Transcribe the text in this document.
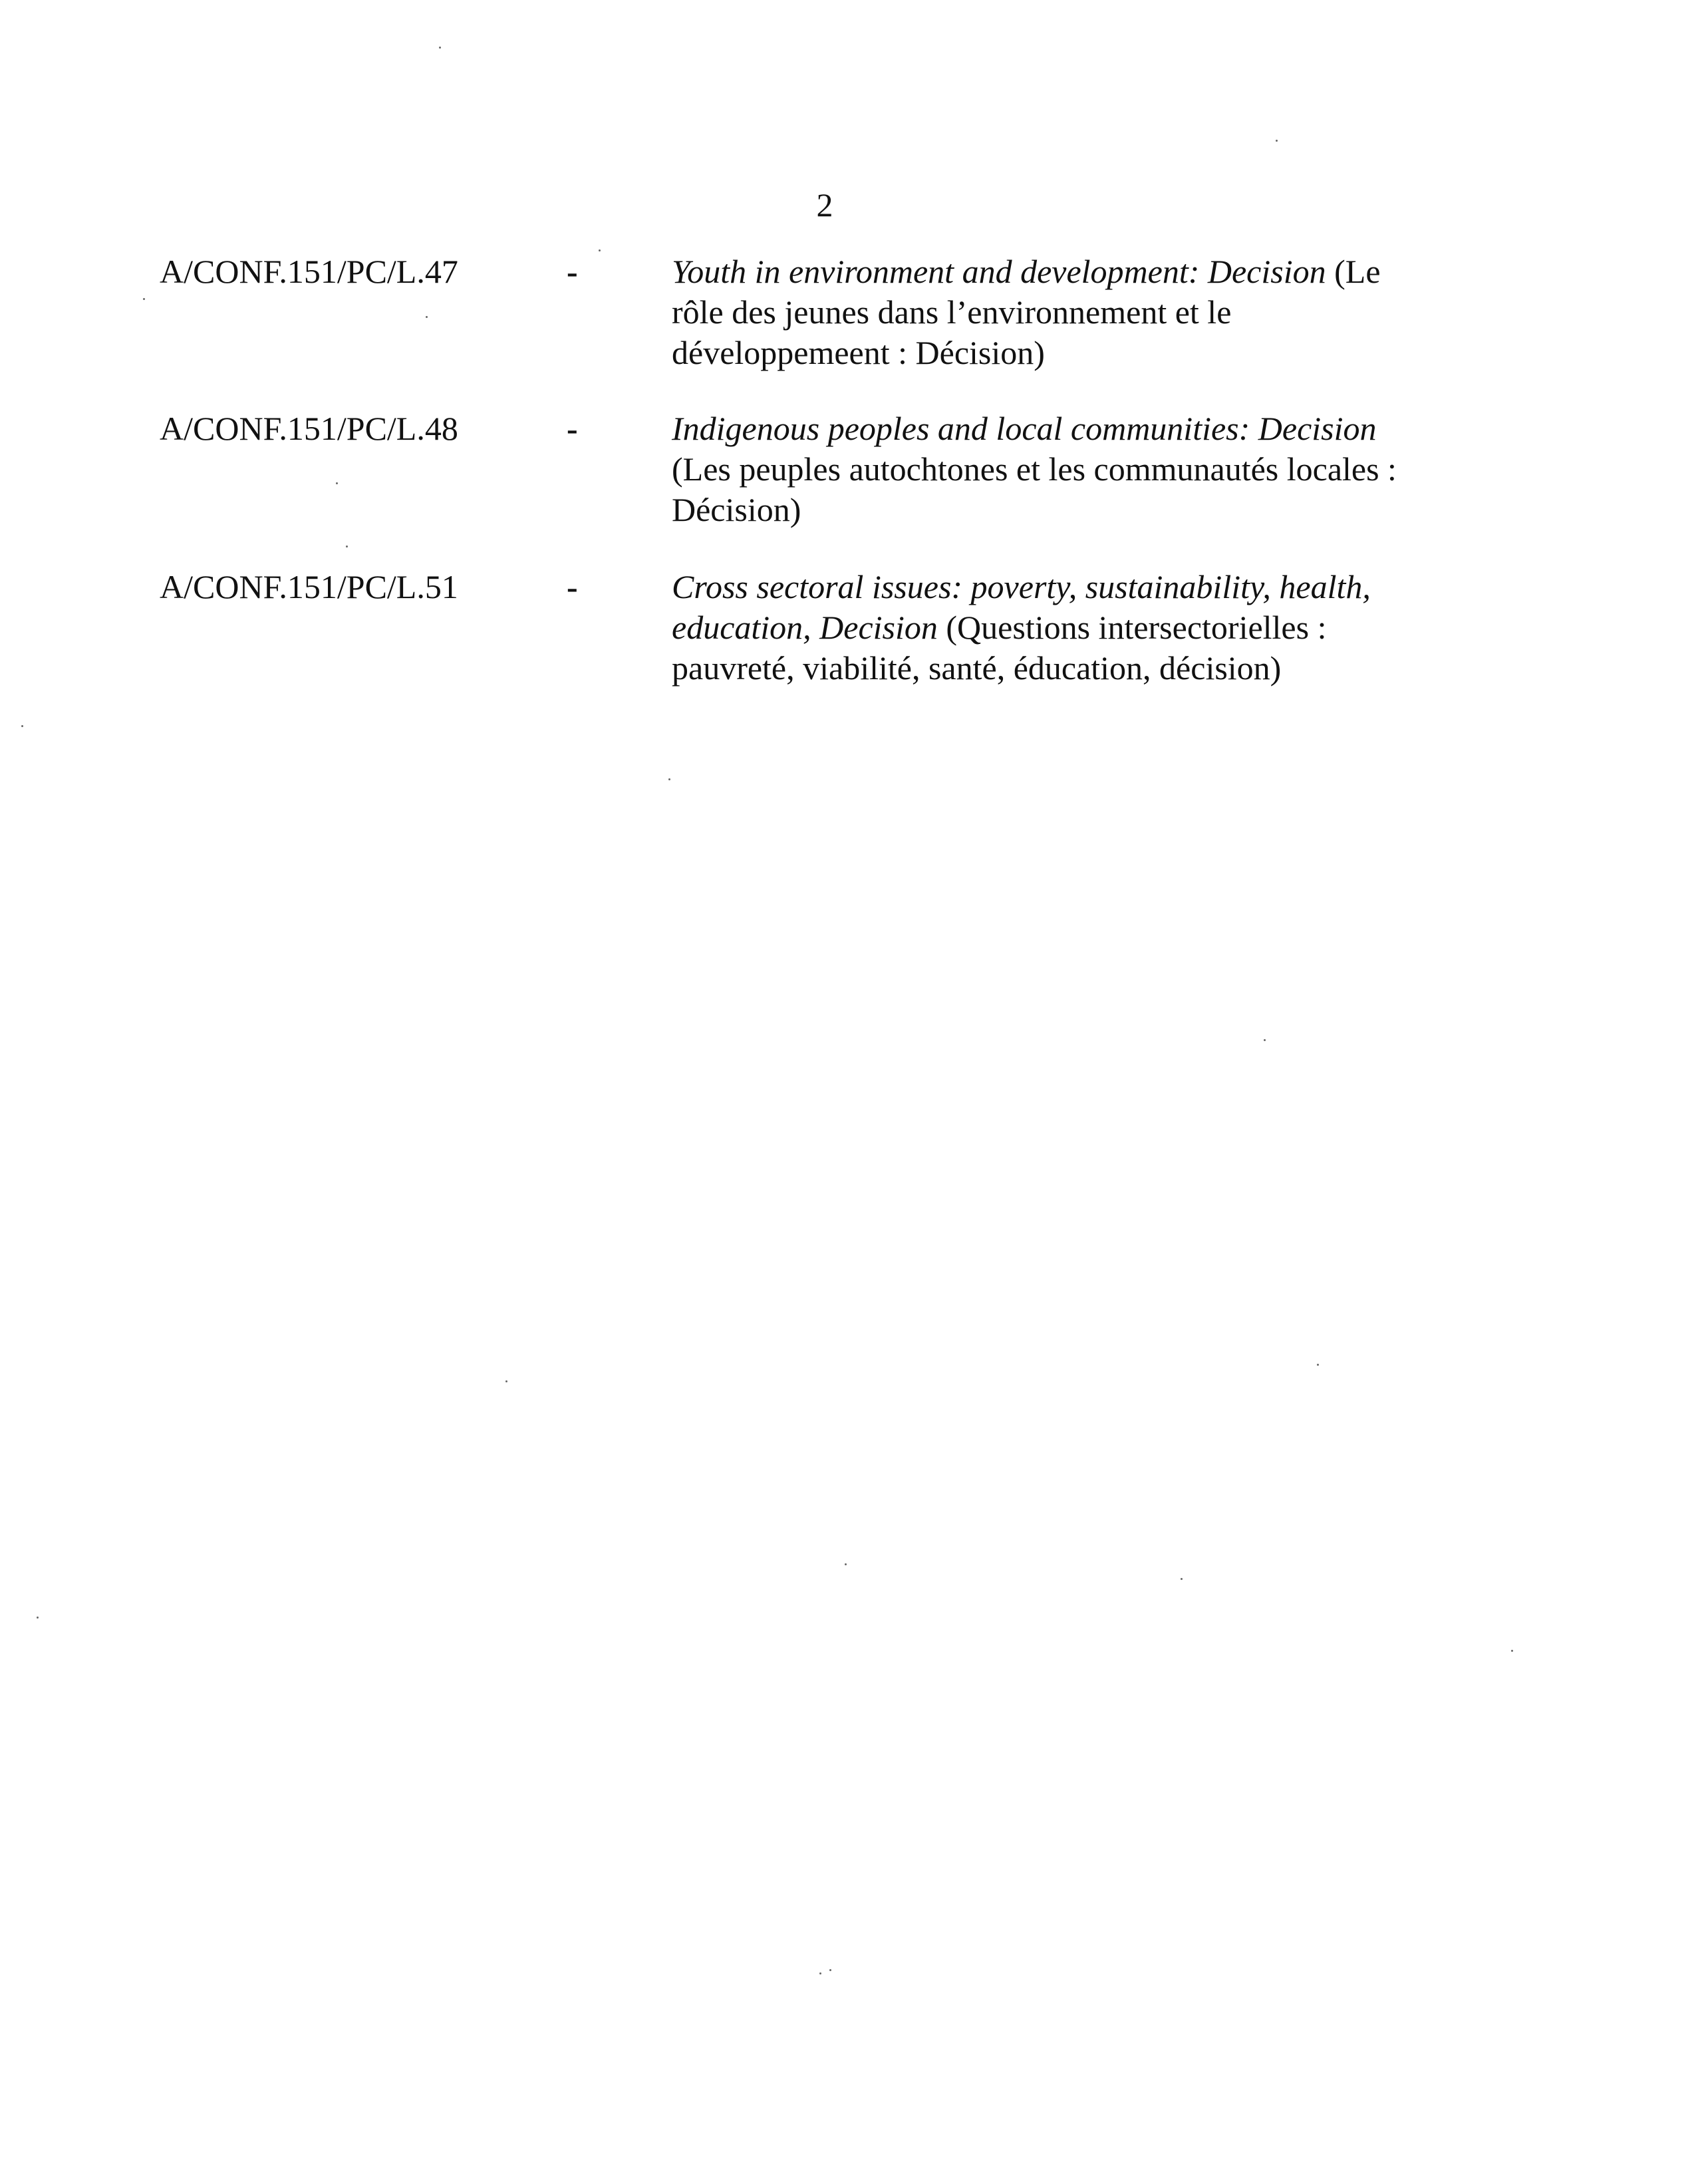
2
A/CONF.151/PC/L.47	-	Youth in environment and development: Decision (Le
rôle des jeunes dans l’environnement et le
développemeent : Décision)
A/CONF.151/PC/L.48	-	Indigenous peoples and local communities: Decision
(Les peuples autochtones et les communautés locales :
Décision)
A/CONF.151/PC/L.51	-	Cross sectoral issues: poverty, sustainability, health,
education, Decision (Questions intersectorielles :
pauvreté, viabilité, santé, éducation, décision)
